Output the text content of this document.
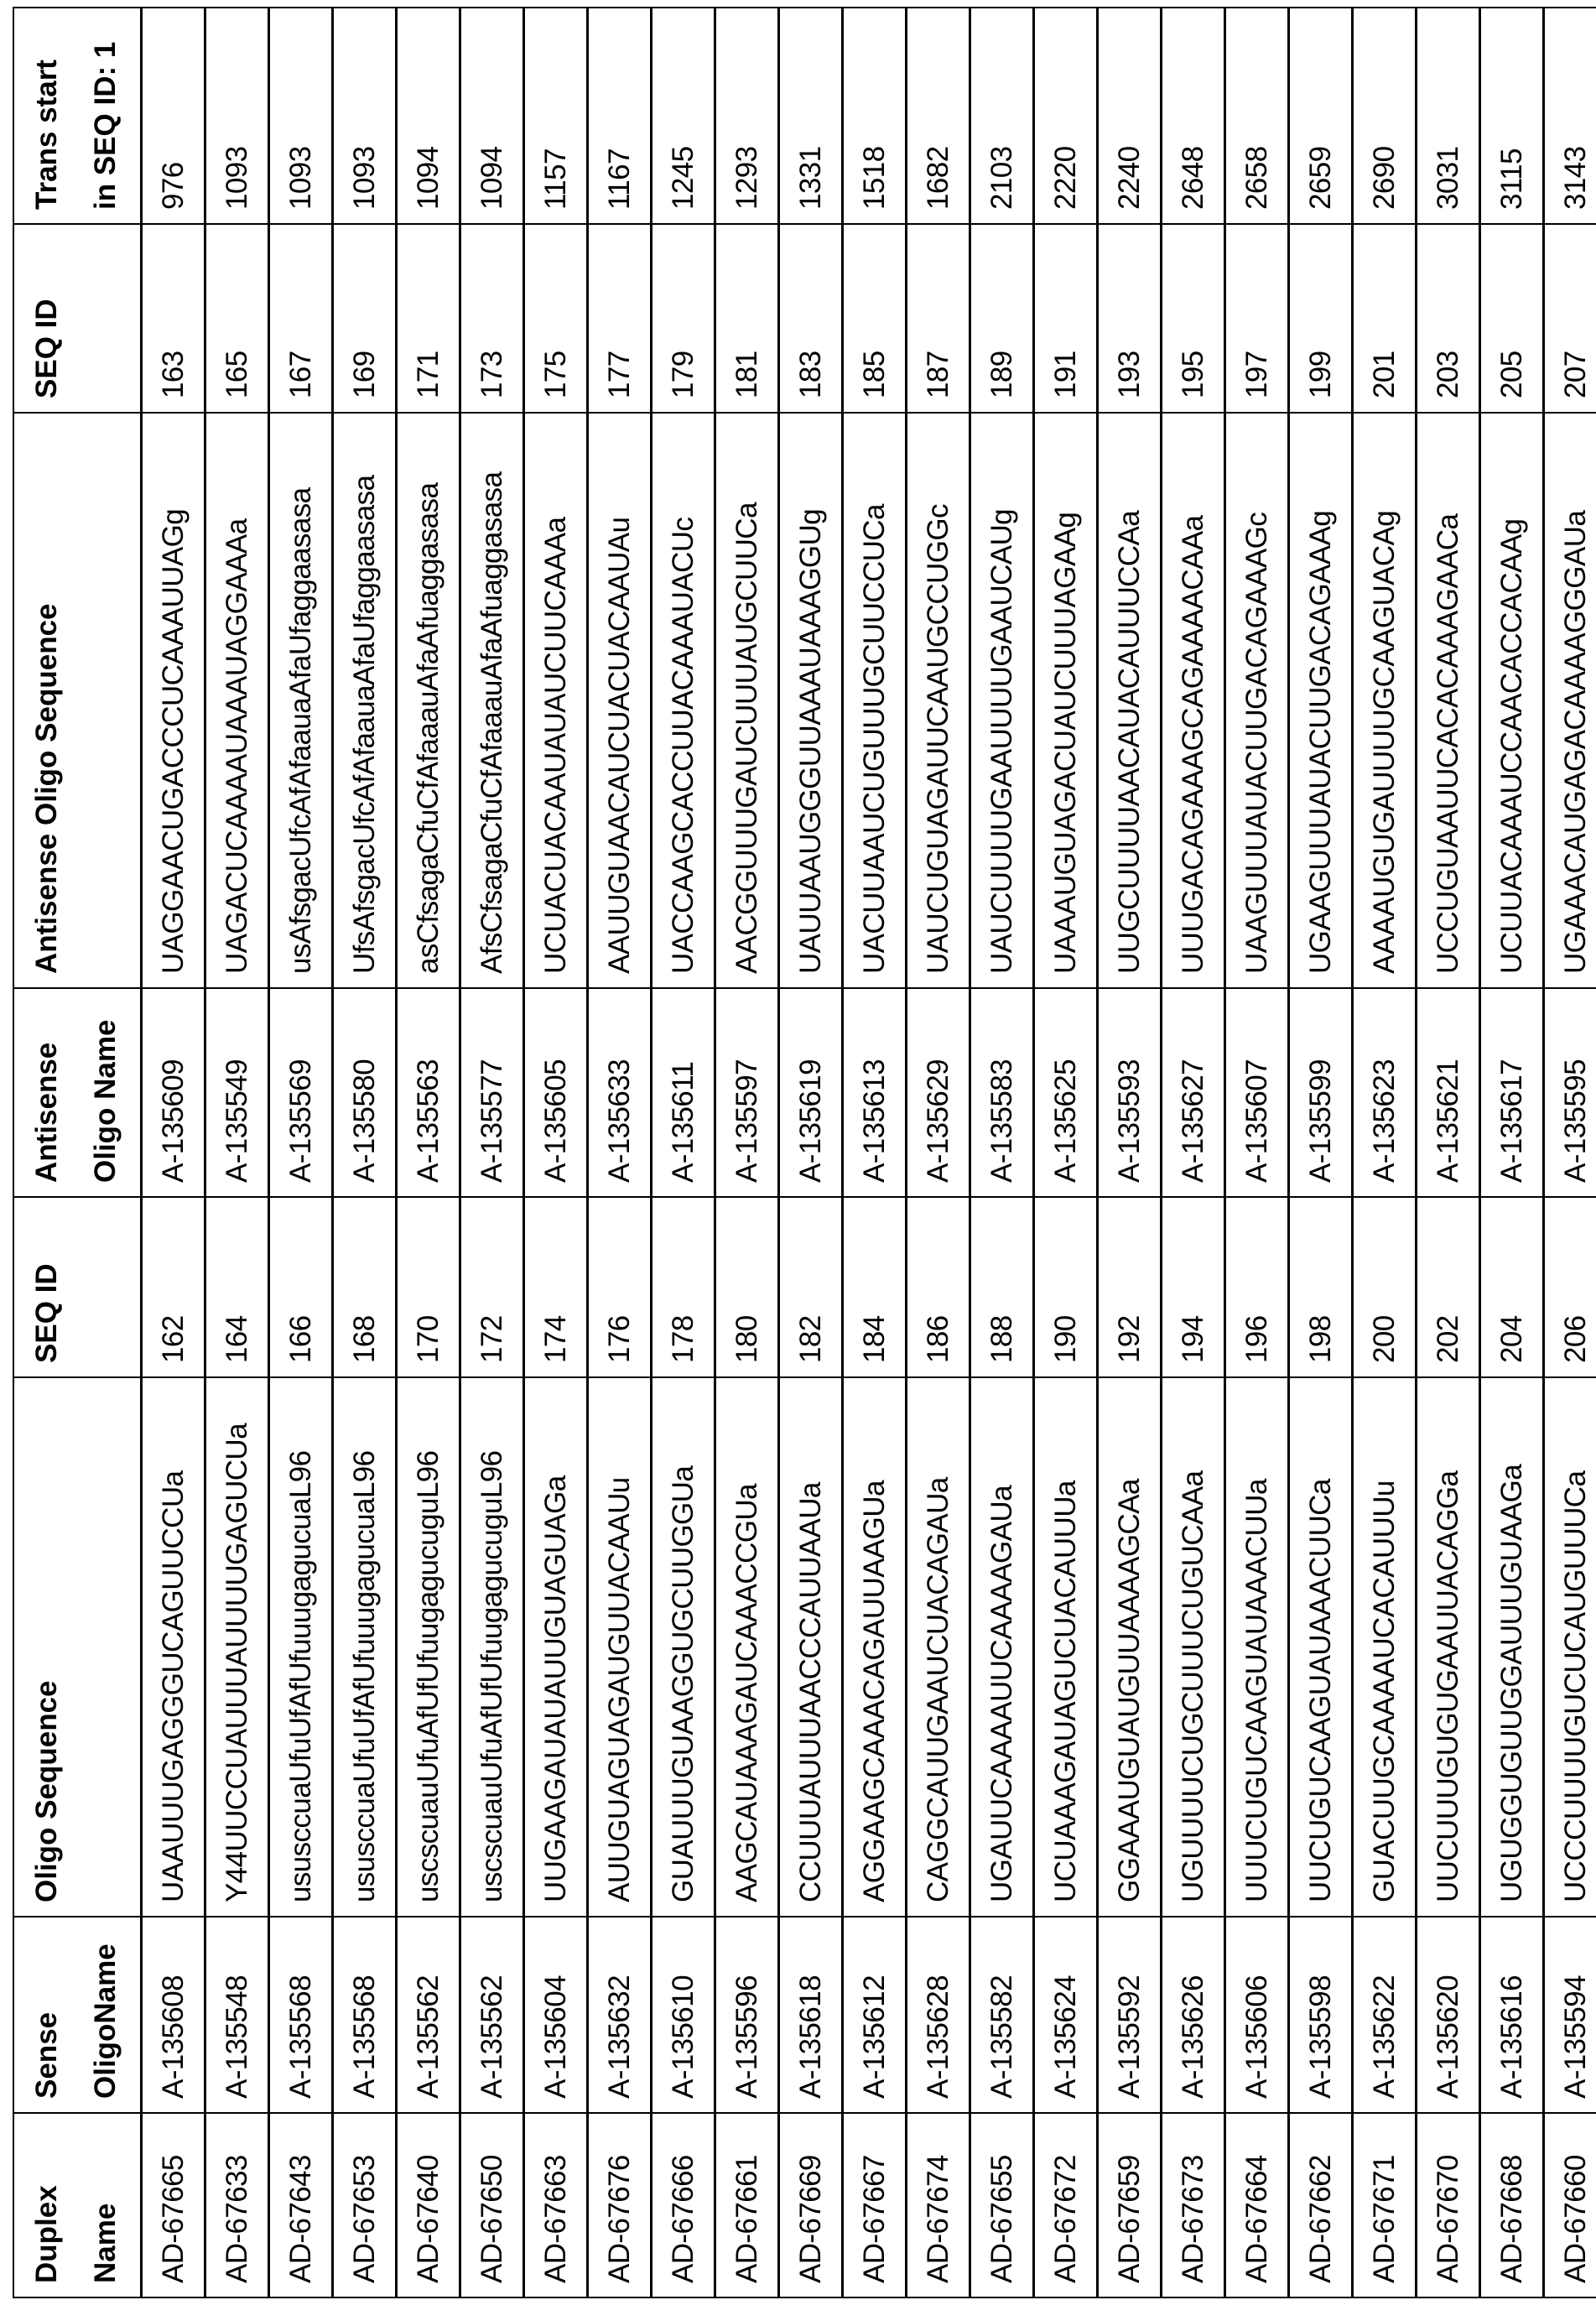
Duplex Name

Sense OligoName

Oligo Sequence

SEQ ID

Antisense Oligo Name

Antisense Oligo Sequence

SEQ ID

Trans start in SEQ ID: 1

AD-67665	A-135608	UAAUUUGAGGGUCAGUUCCUa	162	A-135609	UAGGAACUGACCCUCAAAUUAGg	163	976
AD-67633	A-135548	Y44UUCCUAUUUAUUUUGAGUCUa	164	A-135549	UAGACUCAAAAUAAAUAGGAAAa	165	1093
AD-67643	A-135568	ususccuaUfuUfAfUfuuugagucuaL96	166	A-135569	usAfsgacUfcAfAfaauaAfaUfaggaasasa	167	1093
AD-67653	A-135568	ususccuaUfuUfAfUfuuugagucuaL96	168	A-135580	UfsAfsgacUfcAfAfaauaAfaUfaggaasasa	169	1093
AD-67640	A-135562	uscscuauUfuAfUfUfuugagucuguL96	170	A-135563	asCfsagaCfuCfAfaaauAfaAfuaggasasa	171	1094
AD-67650	A-135562	uscscuauUfuAfUfUfuugagucuguL96	172	A-135577	AfsCfsagaCfuCfAfaaauAfaAfuaggasasa	173	1094
AD-67663	A-135604	UUGAAGAUAUAUUGUAGUAGa	174	A-135605	UCUACUACAAUAUAUCUUCAAAa	175	1157
AD-67676	A-135632	AUUGUAGUAGAUGUUACAAUu	176	A-135633	AAUUGUAACAUCUACUACAAUAu	177	1167
AD-67666	A-135610	GUAUUUGUAAGGUGCUUGGUa	178	A-135611	UACCAAGCACCUUACAAAUACUc	179	1245
AD-67661	A-135596	AAGCAUAAAGAUCAAACCGUa	180	A-135597	AACGGUUUGAUCUUUAUGCUUCa	181	1293
AD-67669	A-135618	CCUUUAUUUAACCCAUUAAUa	182	A-135619	UAUUAAUGGGUUAAAUAAAGGUg	183	1331
AD-67667	A-135612	AGGAAGCAAACAGAUUAAGUa	184	A-135613	UACUUAAUCUGUUUGCUUCCUCa	185	1518
AD-67674	A-135628	CAGGCAUUGAAUCUACAGAUa	186	A-135629	UAUCUGUAGAUUCAAUGCCUGGc	187	1682
AD-67655	A-135582	UGAUUCAAAAUUCAAAAGAUa	188	A-135583	UAUCUUUUGAAUUUUGAAUCAUg	189	2103
AD-67672	A-135624	UCUAAAGAUAGUCUACAUUUa	190	A-135625	UAAAUGUAGACUAUCUUUAGAAg	191	2220
AD-67659	A-135592	GGAAAUGUAUGUUAAAAGCAa	192	A-135593	UUGCUUUUAACAUACAUUUCCAa	193	2240
AD-67673	A-135626	UGUUUUCUGCUUUCUGUCAAa	194	A-135627	UUUGACAGAAAGCAGAAAACAAa	195	2648
AD-67664	A-135606	UUUCUGUCAAGUAUAAACUUa	196	A-135607	UAAGUUUAUACUUGACAGAAAGc	197	2658
AD-67662	A-135598	UUCUGUCAAGUAUAAACUUCa	198	A-135599	UGAAGUUUAUACUUGACAGAAAg	199	2659
AD-67671	A-135622	GUACUUGCAAAAUCACAUUUu	200	A-135623	AAAAUGUGAUUUUGCAAGUACAg	201	2690
AD-67670	A-135620	UUCUUUGUGUGAAUUACAGGa	202	A-135621	UCCUGUAAUUCACACAAAGAACa	203	3031
AD-67668	A-135616	UGUGGUGUUGGAUUUGUAAGa	204	A-135617	UCUUACAAAUCCAACACCACAAg	205	3115
AD-67660	A-135594	UCCCUUUUGUCUCAUGUUUCa	206	A-135595	UGAAACAUGAGACAAAAGGGAUa	207	3143
